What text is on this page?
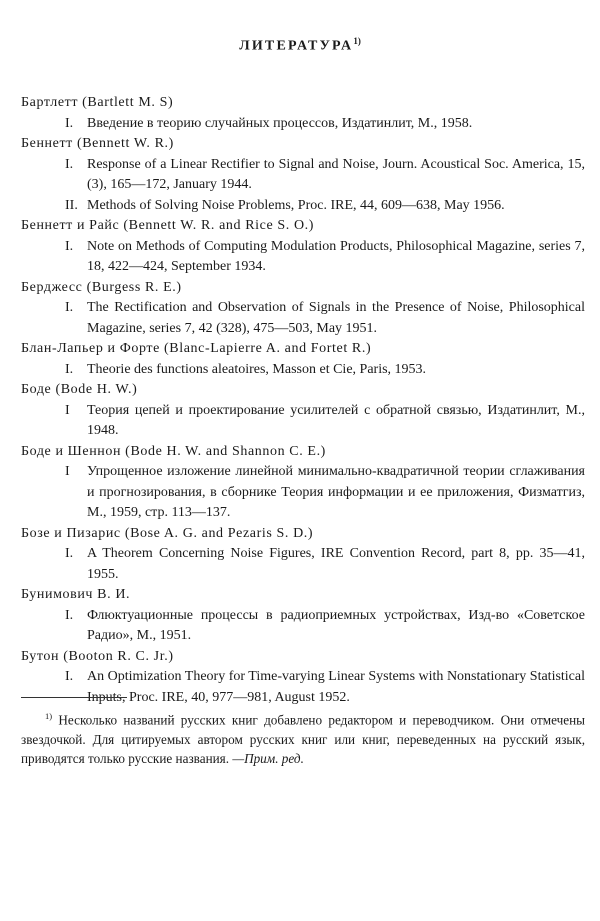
ЛИТЕРАТУРА$^{1)}$
Бартлетт (Bartlett M. S)
I. Введение в теорию случайных процессов, Издатинлит, М., 1958.
Беннетт (Bennett W. R.)
I. Response of a Linear Rectifier to Signal and Noise, Journ. Acoustical Soc. America, 15, (3), 165—172, January 1944.
II. Methods of Solving Noise Problems, Proc. IRE, 44, 609—638, May 1956.
Беннетт и Райс (Bennett W. R. and Rice S. O.)
I. Note on Methods of Computing Modulation Products, Philosophical Magazine, series 7, 18, 422—424, September 1934.
Берджесс (Burgess R. E.)
I. The Rectification and Observation of Signals in the Presence of Noise, Philosophical Magazine, series 7, 42 (328), 475—503, May 1951.
Блан-Лапьер и Форте (Blanc-Lapierre A. and Fortet R.)
I. Theorie des functions aleatoires, Masson et Cie, Paris, 1953.
Боде (Bode H. W.)
I Теория цепей и проектирование усилителей с обратной связью, Издатинлит, М., 1948.
Боде и Шеннон (Bode H. W. and Shannon C. E.)
I Упрощенное изложение линейной минимально-квадратичной теории сглаживания и прогнозирования, в сборнике Теория информации и ее приложения, Физматгиз, М., 1959, стр. 113—137.
Бозе и Пизарис (Bose A. G. and Pezaris S. D.)
I. A Theorem Concerning Noise Figures, IRE Convention Record, part 8, pp. 35—41, 1955.
Бунимович В. И.
I. Флюктуационные процессы в радиоприемных устройствах, Изд-во «Советское Радио», М., 1951.
Бутон (Booton R. C. Jr.)
I. An Optimization Theory for Time-varying Linear Systems with Nonstationary Statistical Inputs, Proc. IRE, 40, 977—981, August 1952.
$^{1)}$ Несколько названий русских книг добавлено редактором и переводчиком. Они отмечены звездочкой. Для цитируемых автором русских книг или книг, переведенных на русский язык, приводятся только русские названия. —Прим. ред.
